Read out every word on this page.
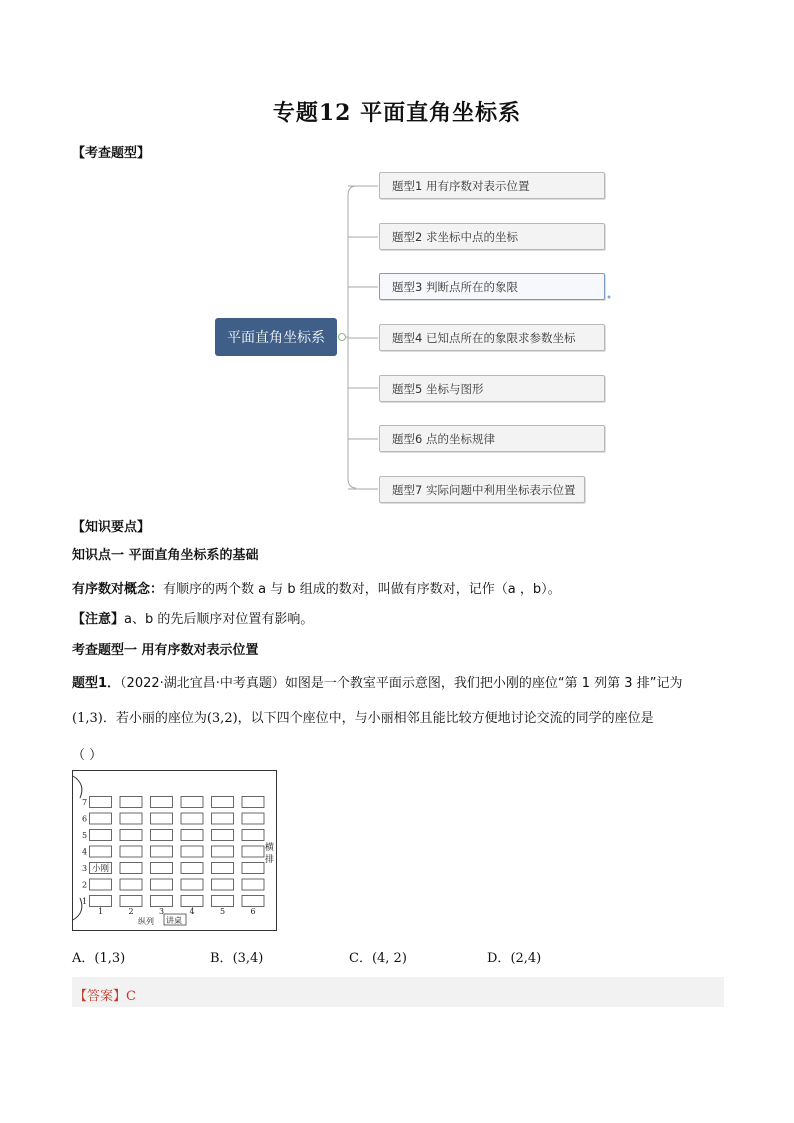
专题12 平面直角坐标系
【考查题型】
平面直角坐标系
题型1 用有序数对表示位置
题型2 求坐标中点的坐标
题型3 判断点所在的象限
题型4 已知点所在的象限求参数坐标
题型5 坐标与图形
题型6 点的坐标规律
题型7 实际问题中利用坐标表示位置
【知识要点】
知识点一 平面直角坐标系的基础
有序数对概念：有顺序的两个数 a 与 b 组成的数对，叫做有序数对，记作（a ，b）。
【注意】a、b 的先后顺序对位置有影响。
考查题型一 用有序数对表示位置
题型1．（2022·湖北宜昌·中考真题）如图是一个教室平面示意图，我们把小刚的座位“第 1 列第 3 排”记为
(1,3)．若小丽的座位为(3,2)，以下四个座位中，与小丽相邻且能比较方便地讨论交流的同学的座位是
（ ）
1
2
3
4
5
6
7
1	2	3	4	5	6
横
排
小刚
纵列 讲桌
A．(1,3)	B．(3,4)	C．(4, 2)	D．(2,4)
【答案】C
